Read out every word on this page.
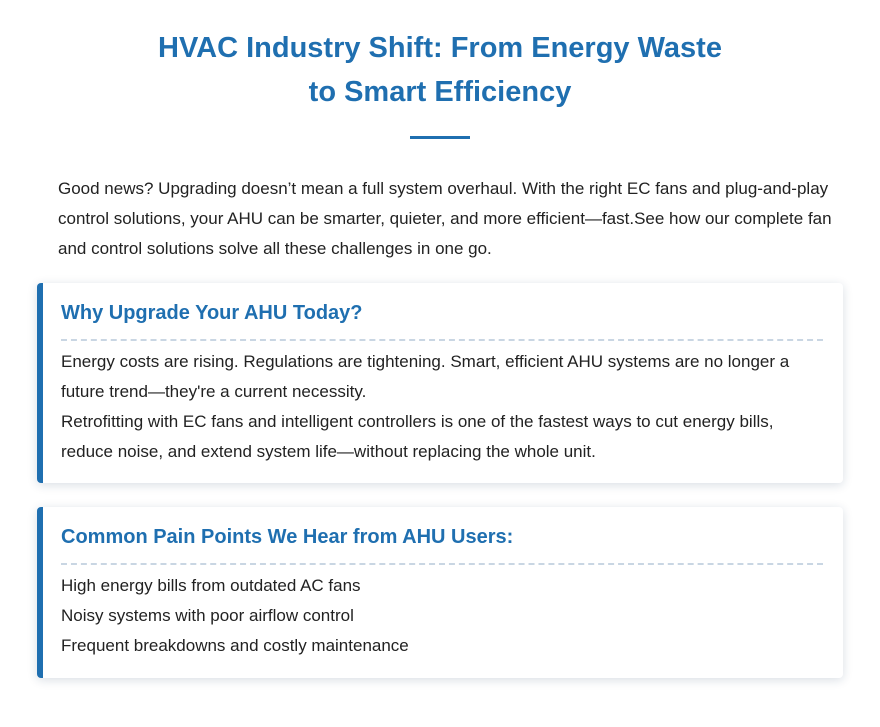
HVAC Industry Shift: From Energy Waste
to Smart Efficiency

Good news? Upgrading doesn’t mean a full system overhaul. With the right EC fans and plug-and-play control solutions, your AHU can be smarter, quieter, and more efficient—fast.See how our complete fan and control solutions solve all these challenges in one go.

Why Upgrade Your AHU Today?

Energy costs are rising. Regulations are tightening. Smart, efficient AHU systems are no longer a future trend—they're a current necessity.

Retrofitting with EC fans and intelligent controllers is one of the fastest ways to cut energy bills, reduce noise, and extend system life—without replacing the whole unit.

Common Pain Points We Hear from AHU Users:

High energy bills from outdated AC fans

Noisy systems with poor airflow control

Frequent breakdowns and costly maintenance
